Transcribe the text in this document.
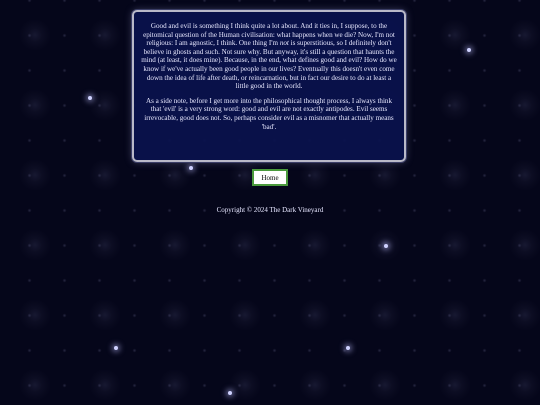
Good and evil is something I think quite a lot about. And it ties in, I suppose, to the epitomical question of the Human civilisation: what happens when we die? Now, I'm not religious: I am agnostic, I think. One thing I'm not is superstitious, so I definitely don't believe in ghosts and such. Not sure why. But anyway, it's still a question that haunts the mind (at least, it does mine). Because, in the end, what defines good and evil? How do we know if we've actually been good people in our lives? Eventually this doesn't even come down the idea of life after death, or reincarnation, but in fact our desire to do at least a little good in the world.

As a side note, before I get more into the philosophical thought process, I always think that 'evil' is a very strong word: good and evil are not exactly antipodes. Evil seems irrevocable, good does not. So, perhaps consider evil as a misnomer that actually means 'bad'.

Home
Copyright © 2024 The Dark Vineyard
